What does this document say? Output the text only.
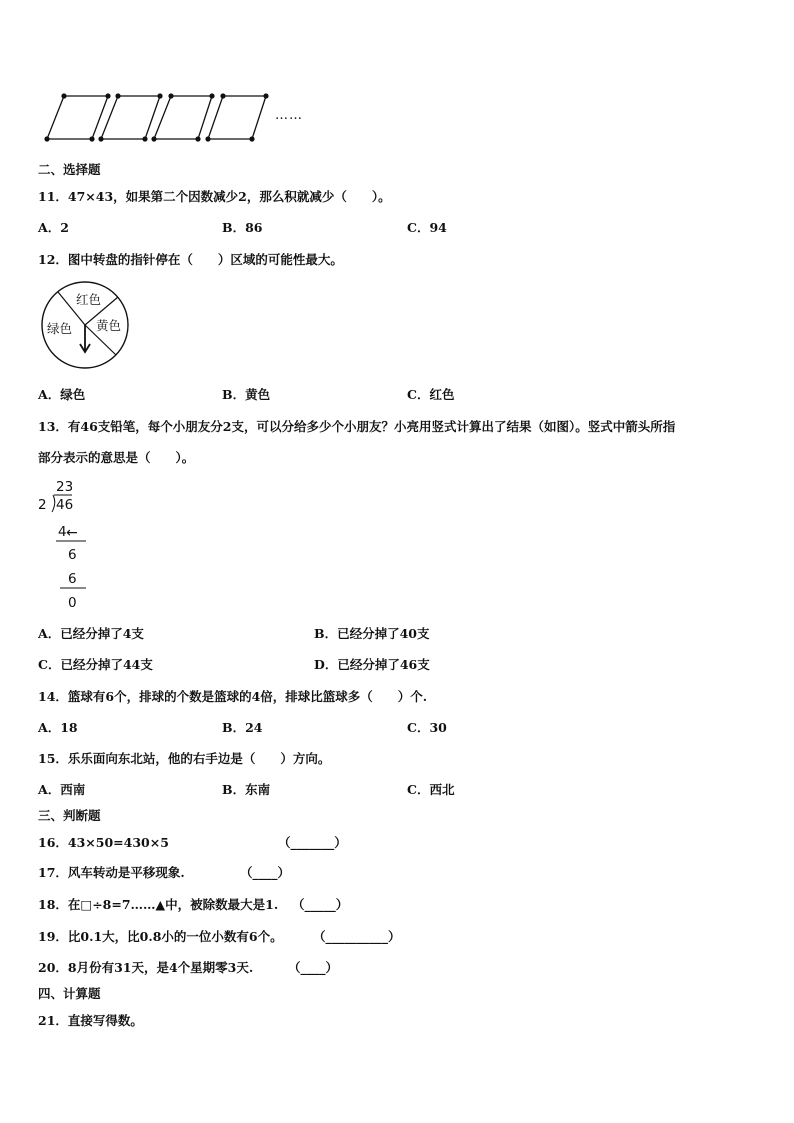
……
二、选择题
11．47×43，如果第二个因数减少2，那么积就减少（　　）。
A．2	B．86	C．94
12．图中转盘的指针停在（　　）区域的可能性最大。
红色
黄色
绿色
A．绿色	B．黄色	C．红色
13．有46支铅笔，每个小朋友分2支，可以分给多少个小朋友？小亮用竖式计算出了结果（如图）。竖式中箭头所指
部分表示的意思是（　　）。
23
2 46
4 ←
6
6
0
A．已经分掉了4支	B．已经分掉了40支
C．已经分掉了44支	D．已经分掉了46支
14．篮球有6个，排球的个数是篮球的4倍，排球比篮球多（　　）个.
A．18	B．24	C．30
15．乐乐面向东北站，他的右手边是（　　）方向。
A．西南	B．东南	C．西北
三、判断题
16．43×50=430×5	（_______）
17．风车转动是平移现象.	（____）
18．在□÷8=7……▲中，被除数最大是1. （_____）
19．比0.1大，比0.8小的一位小数有6个。 （__________）
20．8月份有31天，是4个星期零3天.	（____）
四、计算题
21．直接写得数。
